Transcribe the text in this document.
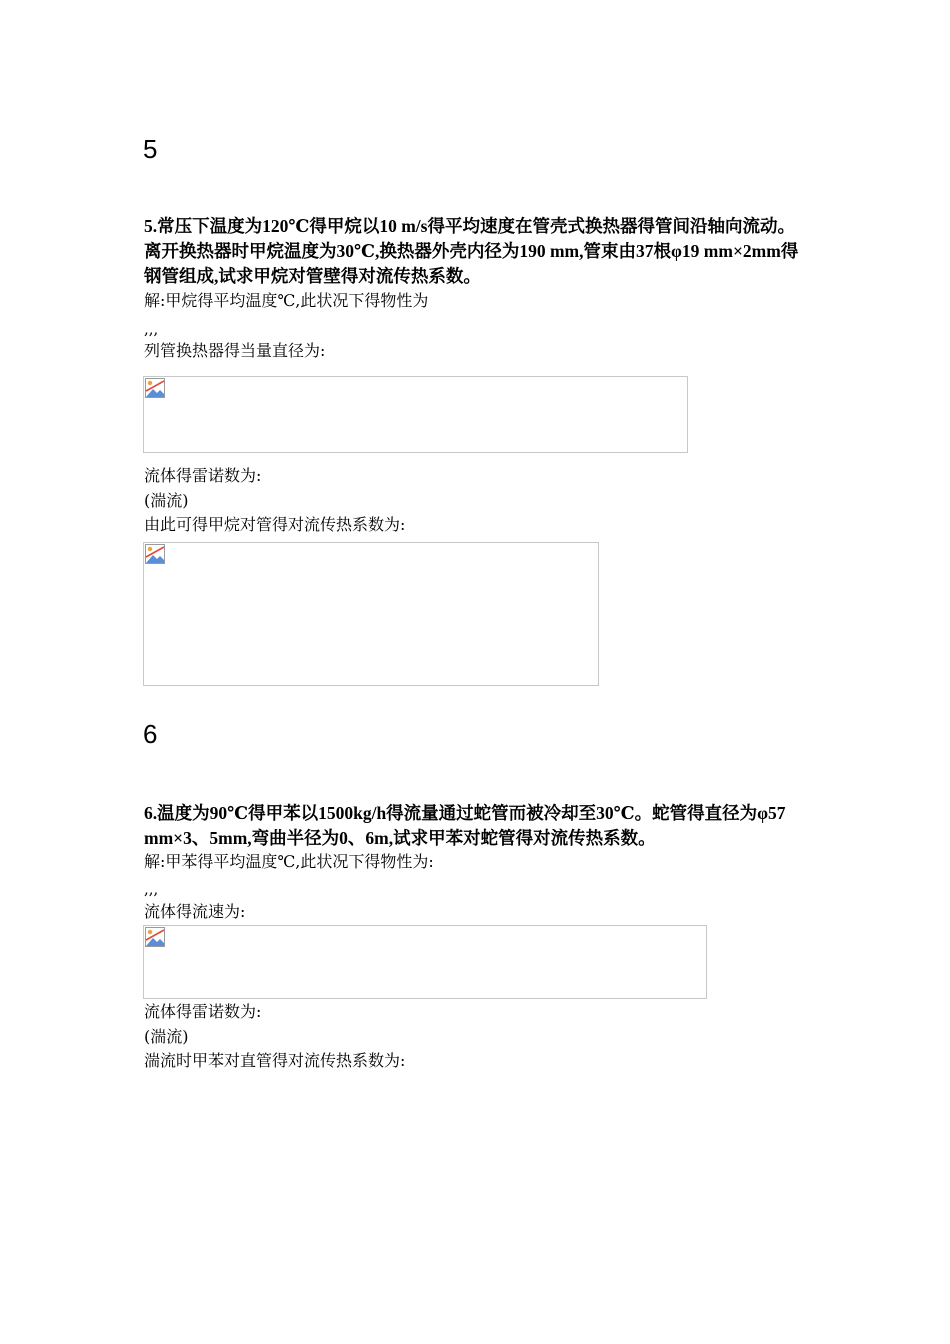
5

5.常压下温度为120℃得甲烷以10 m/s得平均速度在管壳式换热器得管间沿轴向流动。离开换热器时甲烷温度为30℃,换热器外壳内径为190 mm,管束由37根φ19 mm×2mm得钢管组成,试求甲烷对管壁得对流传热系数。

解:甲烷得平均温度℃,此状况下得物性为
,,,
列管换热器得当量直径为:
流体得雷诺数为:
(湍流)
由此可得甲烷对管得对流传热系数为:
6

6.温度为90℃得甲苯以1500kg/h得流量通过蛇管而被冷却至30℃。蛇管得直径为φ57 mm×3、5mm,弯曲半径为0、6m,试求甲苯对蛇管得对流传热系数。

解:甲苯得平均温度℃,此状况下得物性为:
,,,
流体得流速为:
流体得雷诺数为:
(湍流)
湍流时甲苯对直管得对流传热系数为:
